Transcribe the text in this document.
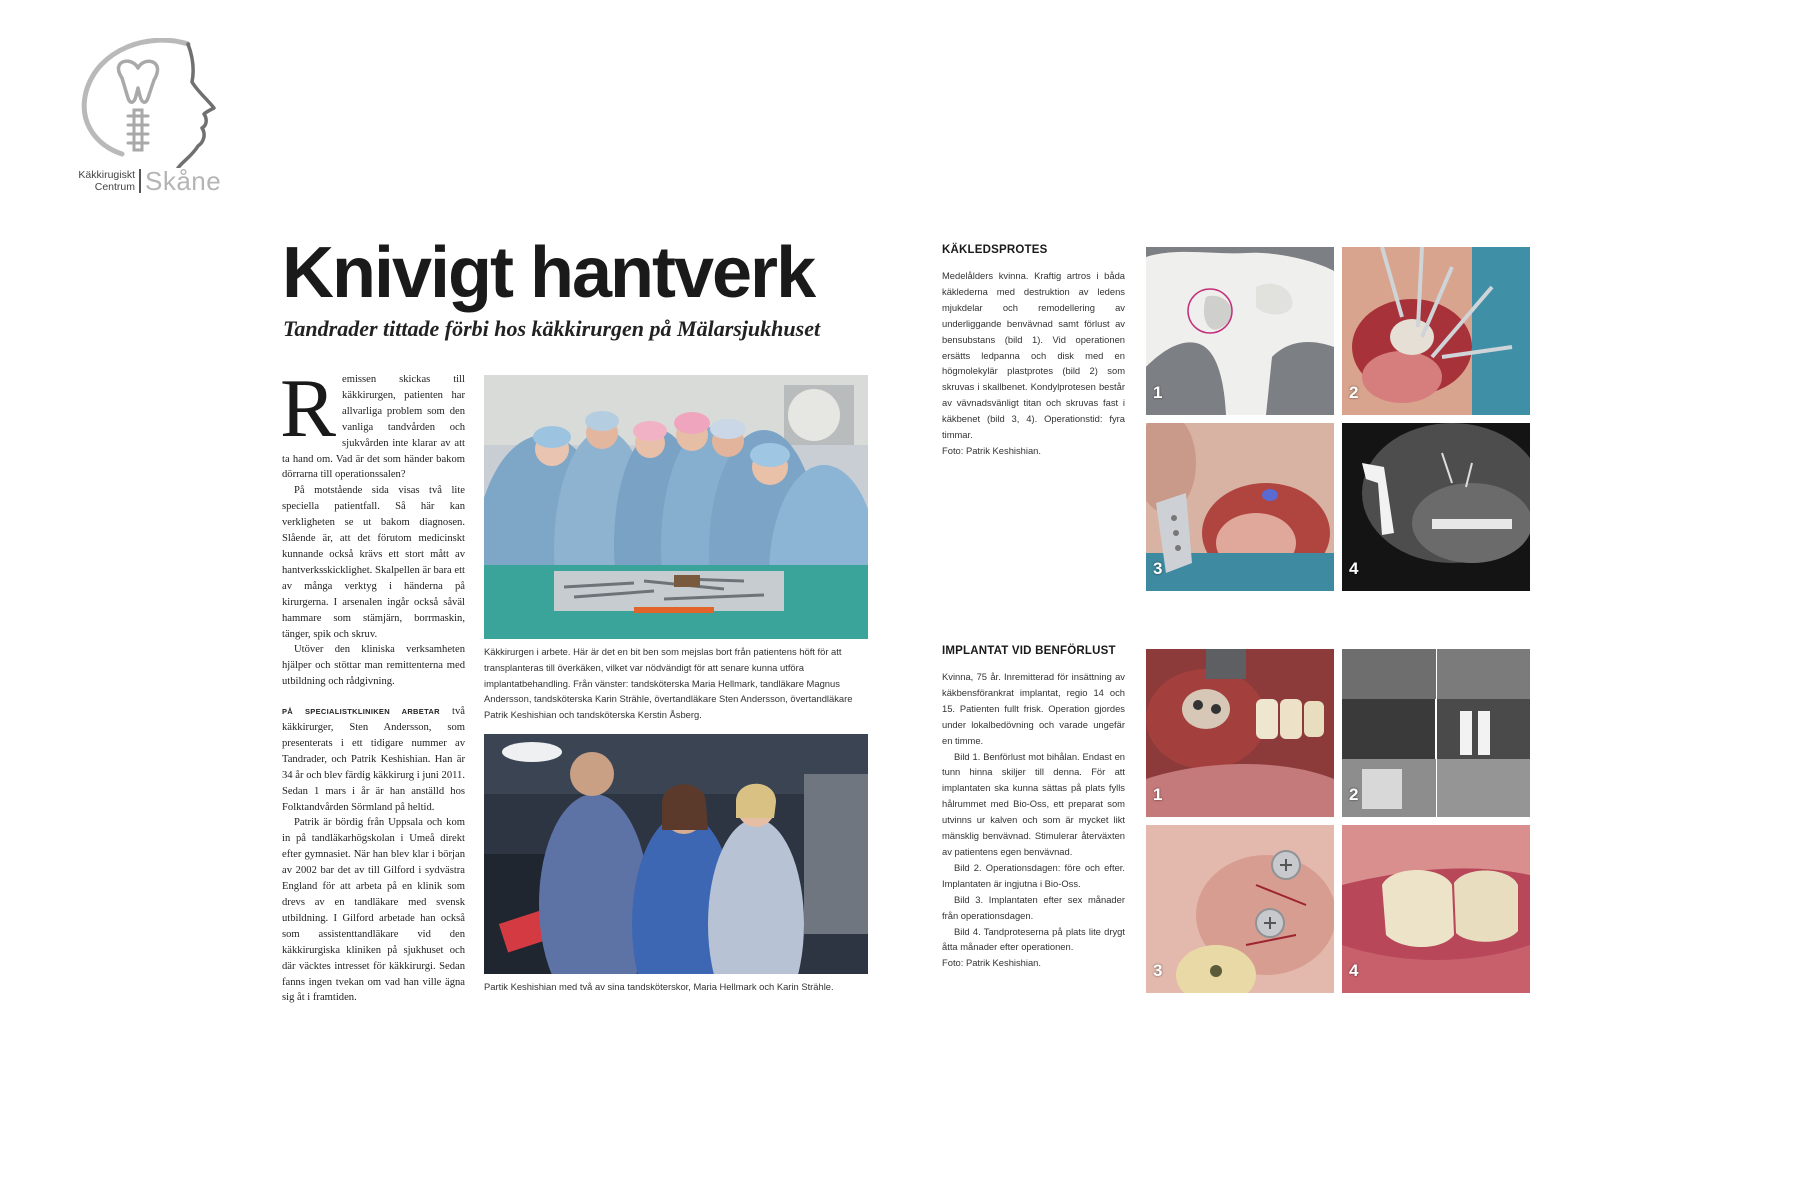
Käkkirugiskt
Centrum Skåne
Knivigt hantverk
Tandrader tittade förbi hos käkkirurgen på Mälarsjukhuset

Remissen skickas till käkkirurgen, patienten har allvarliga problem som den vanliga tandvården och sjukvården inte klarar av att ta hand om. Vad är det som händer bakom dörrarna till operationssalen?

På motstående sida visas två lite speciella patientfall. Så här kan verkligheten se ut bakom diagnosen. Slående är, att det förutom medicinskt kunnande också krävs ett stort mått av hantverksskicklighet. Skalpellen är bara ett av många verktyg i händerna på kirurgerna. I arsenalen ingår också såväl hammare som stämjärn, borrmaskin, tänger, spik och skruv.

Utöver den kliniska verksamheten hjälper och stöttar man remittenterna med utbildning och rådgivning.

PÅ SPECIALISTKLINIKEN ARBETAR två käkkirurger, Sten Andersson, som presenterats i ett tidigare nummer av Tandrader, och Patrik Keshishian. Han är 34 år och blev färdig käkkirurg i juni 2011. Sedan 1 mars i år är han anställd hos Folktandvården Sörmland på heltid.

Patrik är bördig från Uppsala och kom in på tandläkarhögskolan i Umeå direkt efter gymnasiet. När han blev klar i början av 2002 bar det av till Gilford i sydvästra England för att arbeta på en klinik som drevs av en tandläkare med svensk utbildning. I Gilford arbetade han också som assistenttandläkare vid den käkkirurgiska kliniken på sjukhuset och där väcktes intresset för käkkirurgi. Sedan fanns ingen tvekan om vad han ville ägna sig åt i framtiden.

Käkkirurgen i arbete. Här är det en bit ben som mejslas bort från patientens höft för att transplanteras till överkäken, vilket var nödvändigt för att senare kunna utföra implantatbehandling. Från vänster: tandsköterska Maria Hellmark, tandläkare Magnus Andersson, tandsköterska Karin Strähle, övertandläkare Sten Andersson, övertandläkare Patrik Keshishian och tandsköterska Kerstin Åsberg.
Partik Keshishian med två av sina tandsköterskor, Maria Hellmark och Karin Strähle.
KÄKLEDSPROTES

Medelålders kvinna. Kraftig artros i båda käklederna med destruktion av ledens mjukdelar och remodellering av underliggande benvävnad samt förlust av bensubstans (bild 1). Vid operationen ersätts ledpanna och disk med en högmolekylär plastprotes (bild 2) som skruvas i skallbenet. Kondylprotesen består av vävnadsvänligt titan och skruvas fast i käkbenet (bild 3, 4). Operationstid: fyra timmar.

Foto: Patrik Keshishian.

1	2
3	4
IMPLANTAT VID BENFÖRLUST

Kvinna, 75 år. Inremitterad för insättning av käkbensförankrat implantat, regio 14 och 15. Patienten fullt frisk. Operation gjordes under lokalbedövning och varade ungefär en timme.

Bild 1. Benförlust mot bihålan. Endast en tunn hinna skiljer till denna. För att implantaten ska kunna sättas på plats fylls hålrummet med Bio-Oss, ett preparat som utvinns ur kalven och som är mycket likt mänsklig benvävnad. Stimulerar återväxten av patientens egen benvävnad.

Bild 2. Operationsdagen: före och efter. Implantaten är ingjutna i Bio-Oss.

Bild 3. Implantaten efter sex månader från operationsdagen.

Bild 4. Tandproteserna på plats lite drygt åtta månader efter operationen.

Foto: Patrik Keshishian.

1	2
3	4
